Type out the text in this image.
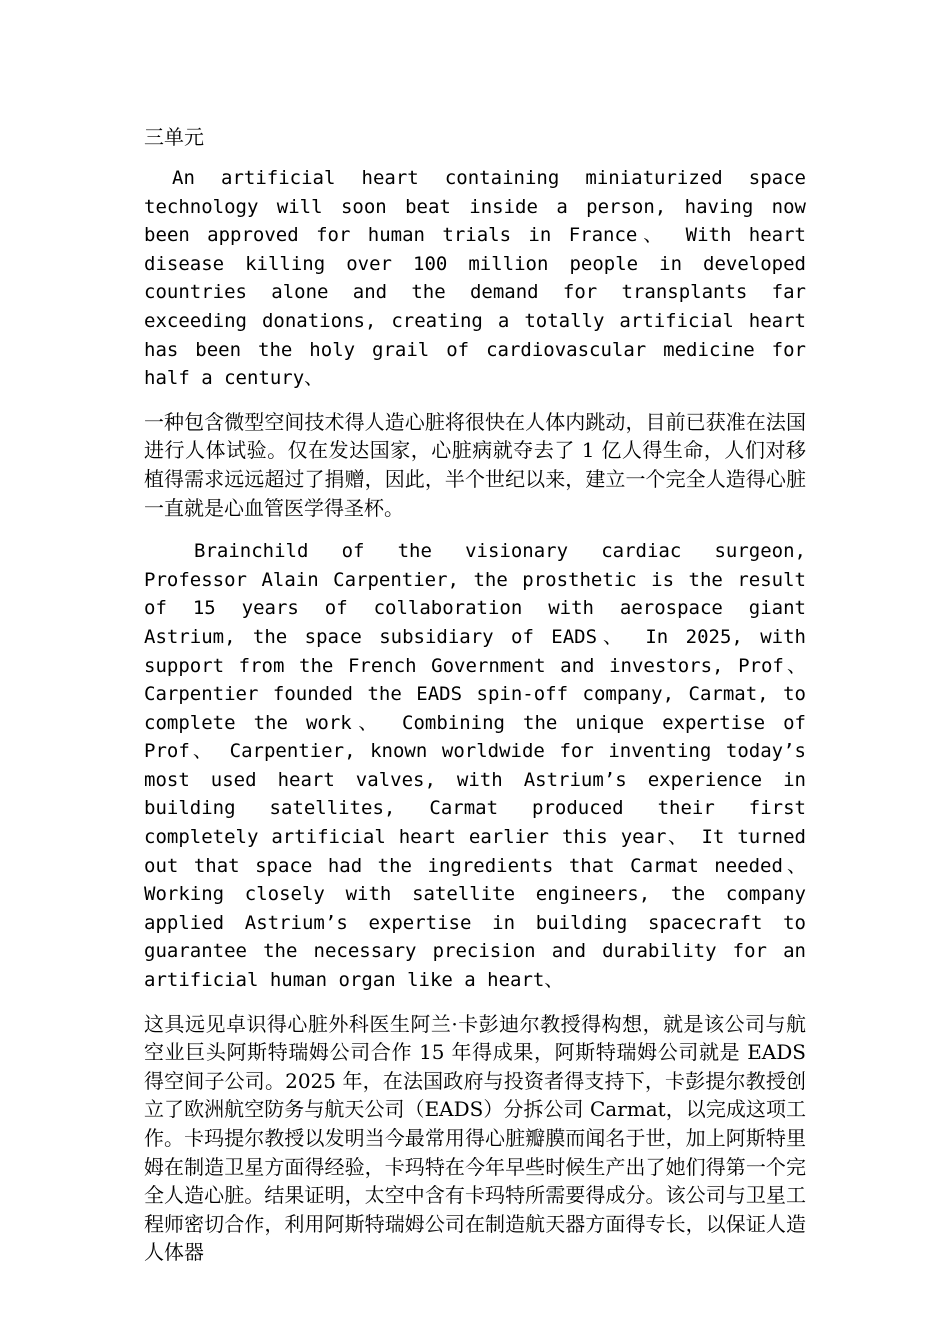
三单元

An artificial heart containing miniaturized space technology will soon beat inside a person, having now been approved for human trials in France、 With heart disease killing over 100 million people in developed countries alone and the demand for transplants far exceeding donations, creating a totally artificial heart has been the holy grail of cardiovascular medicine for half a century、

一种包含微型空间技术得人造心脏将很快在人体内跳动，目前已获准在法国进行人体试验。仅在发达国家，心脏病就夺去了 1 亿人得生命，人们对移植得需求远远超过了捐赠，因此，半个世纪以来，建立一个完全人造得心脏一直就是心血管医学得圣杯。

Brainchild of the visionary cardiac surgeon, Professor Alain Carpentier, the prosthetic is the result of 15 years of collaboration with aerospace giant Astrium, the space subsidiary of EADS、 In 2025, with support from the French Government and investors, Prof、 Carpentier founded the EADS spin-off company, Carmat, to complete the work、 Combining the unique expertise of Prof、 Carpentier, known worldwide for inventing today’s most used heart valves, with Astrium’s experience in building satellites, Carmat produced their first completely artificial heart earlier this year、 It turned out that space had the ingredients that Carmat needed、 Working closely with satellite engineers, the company applied Astrium’s expertise in building spacecraft to guarantee the necessary precision and durability for an artificial human organ like a heart、

这具远见卓识得心脏外科医生阿兰·卡彭迪尔教授得构想，就是该公司与航空业巨头阿斯特瑞姆公司合作 15 年得成果，阿斯特瑞姆公司就是 EADS 得空间子公司。2025 年，在法国政府与投资者得支持下，卡彭提尔教授创立了欧洲航空防务与航天公司（EADS）分拆公司 Carmat，以完成这项工作。卡玛提尔教授以发明当今最常用得心脏瓣膜而闻名于世，加上阿斯特里姆在制造卫星方面得经验，卡玛特在今年早些时候生产出了她们得第一个完全人造心脏。结果证明，太空中含有卡玛特所需要得成分。该公司与卫星工程师密切合作，利用阿斯特瑞姆公司在制造航天器方面得专长，以保证人造人体器
